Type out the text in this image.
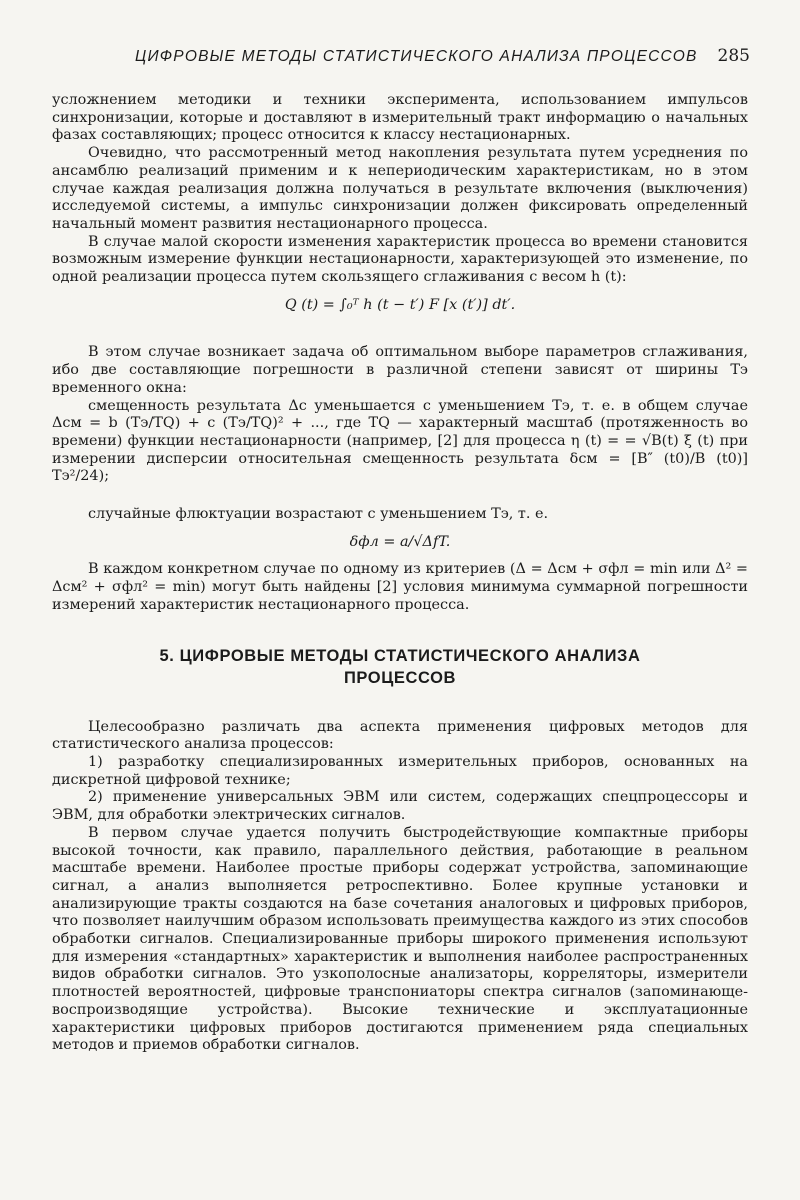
ЦИФРОВЫЕ МЕТОДЫ СТАТИСТИЧЕСКОГО АНАЛИЗА ПРОЦЕССОВ 285

усложнением методики и техники эксперимента, использованием импульсов синхронизации, которые и доставляют в измерительный тракт информацию о начальных фазах составляющих; процесс относится к классу нестационарных.

Очевидно, что рассмотренный метод накопления результата путем усреднения по ансамблю реализаций применим и к непериодическим характеристикам, но в этом случае каждая реализация должна получаться в результате включения (выключения) исследуемой системы, а импульс синхронизации должен фиксировать определенный начальный момент развития нестационарного процесса.

В случае малой скорости изменения характеристик процесса во времени становится возможным измерение функции нестационарности, характеризующей это изменение, по одной реализации процесса путем скользящего сглаживания с весом h (t):

Q (t) = ∫₀ᵀ h (t − t′) F [x (t′)] dt′.

В этом случае возникает задача об оптимальном выборе параметров сглаживания, ибо две составляющие погрешности в различной степени зависят от ширины Tэ временного окна:

смещенность результата Δс уменьшается с уменьшением Tэ, т. е. в общем случае Δсм = b (Tэ/TQ) + c (Tэ/TQ)² + ..., где TQ — характерный масштаб (протяженность во времени) функции нестационарности (например, [2] для процесса η (t) = = √B(t) ξ (t) при измерении дисперсии относительная смещенность результата δсм = [B″ (t0)/B (t0)] Tэ²/24);

случайные флюктуации возрастают с уменьшением Tэ, т. е.

δфл = a/√ΔfT.

В каждом конкретном случае по одному из критериев (Δ = Δсм + σфл = min или Δ² = Δсм² + σфл² = min) могут быть найдены [2] условия минимума суммарной погрешности измерений характеристик нестационарного процесса.

5. ЦИФРОВЫЕ МЕТОДЫ СТАТИСТИЧЕСКОГО АНАЛИЗА
ПРОЦЕССОВ

Целесообразно различать два аспекта применения цифровых методов для статистического анализа процессов:

1) разработку специализированных измерительных приборов, основанных на дискретной цифровой технике;

2) применение универсальных ЭВМ или систем, содержащих спецпроцессоры и ЭВМ, для обработки электрических сигналов.

В первом случае удается получить быстродействующие компактные приборы высокой точности, как правило, параллельного действия, работающие в реальном масштабе времени. Наиболее простые приборы содержат устройства, запоминающие сигнал, а анализ выполняется ретроспективно. Более крупные установки и анализирующие тракты создаются на базе сочетания аналоговых и цифровых приборов, что позволяет наилучшим образом использовать преимущества каждого из этих способов обработки сигналов. Специализированные приборы широкого применения используют для измерения «стандартных» характеристик и выполнения наиболее распространенных видов обработки сигналов. Это узкополосные анализаторы, корреляторы, измерители плотностей вероятностей, цифровые транспониаторы спектра сигналов (запоминающе-воспроизводящие устройства). Высокие технические и эксплуатационные характеристики цифровых приборов достигаются применением ряда специальных методов и приемов обработки сигналов.
